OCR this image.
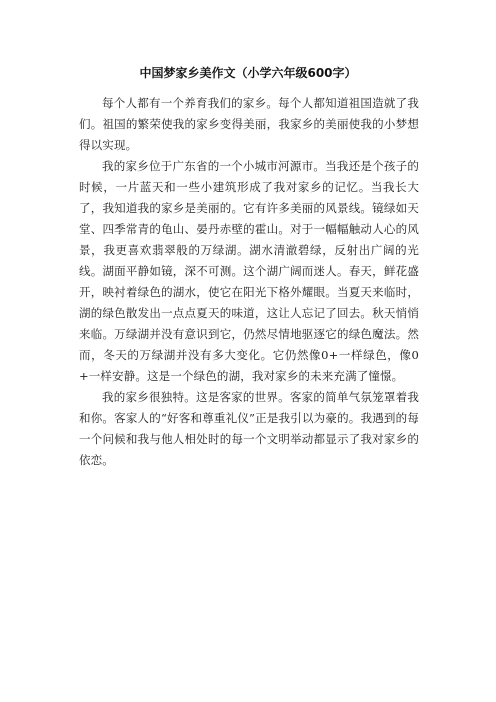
中国梦家乡美作文（小学六年级600字）

每个人都有一个养育我们的家乡。每个人都知道祖国造就了我们。祖国的繁荣使我的家乡变得美丽，我家乡的美丽使我的小梦想得以实现。

我的家乡位于广东省的一个小城市河源市。当我还是个孩子的时候，一片蓝天和一些小建筑形成了我对家乡的记忆。当我长大了，我知道我的家乡是美丽的。它有许多美丽的风景线。镜绿如天堂、四季常青的龟山、晏丹赤壁的霍山。对于一幅幅触动人心的风景，我更喜欢翡翠般的万绿湖。湖水清澈碧绿，反射出广阔的光线。湖面平静如镜，深不可测。这个湖广阔而迷人。春天，鲜花盛开，映衬着绿色的湖水，使它在阳光下格外耀眼。当夏天来临时，湖的绿色散发出一点点夏天的味道，这让人忘记了回去。秋天悄悄来临。万绿湖并没有意识到它，仍然尽情地驱逐它的绿色魔法。然而，冬天的万绿湖并没有多大变化。它仍然像0+一样绿色，像0+一样安静。这是一个绿色的湖，我对家乡的未来充满了憧憬。

我的家乡很独特。这是客家的世界。客家的简单气氛笼罩着我和你。客家人的“好客和尊重礼仪”正是我引以为豪的。我遇到的每一个问候和我与他人相处时的每一个文明举动都显示了我对家乡的依恋。
